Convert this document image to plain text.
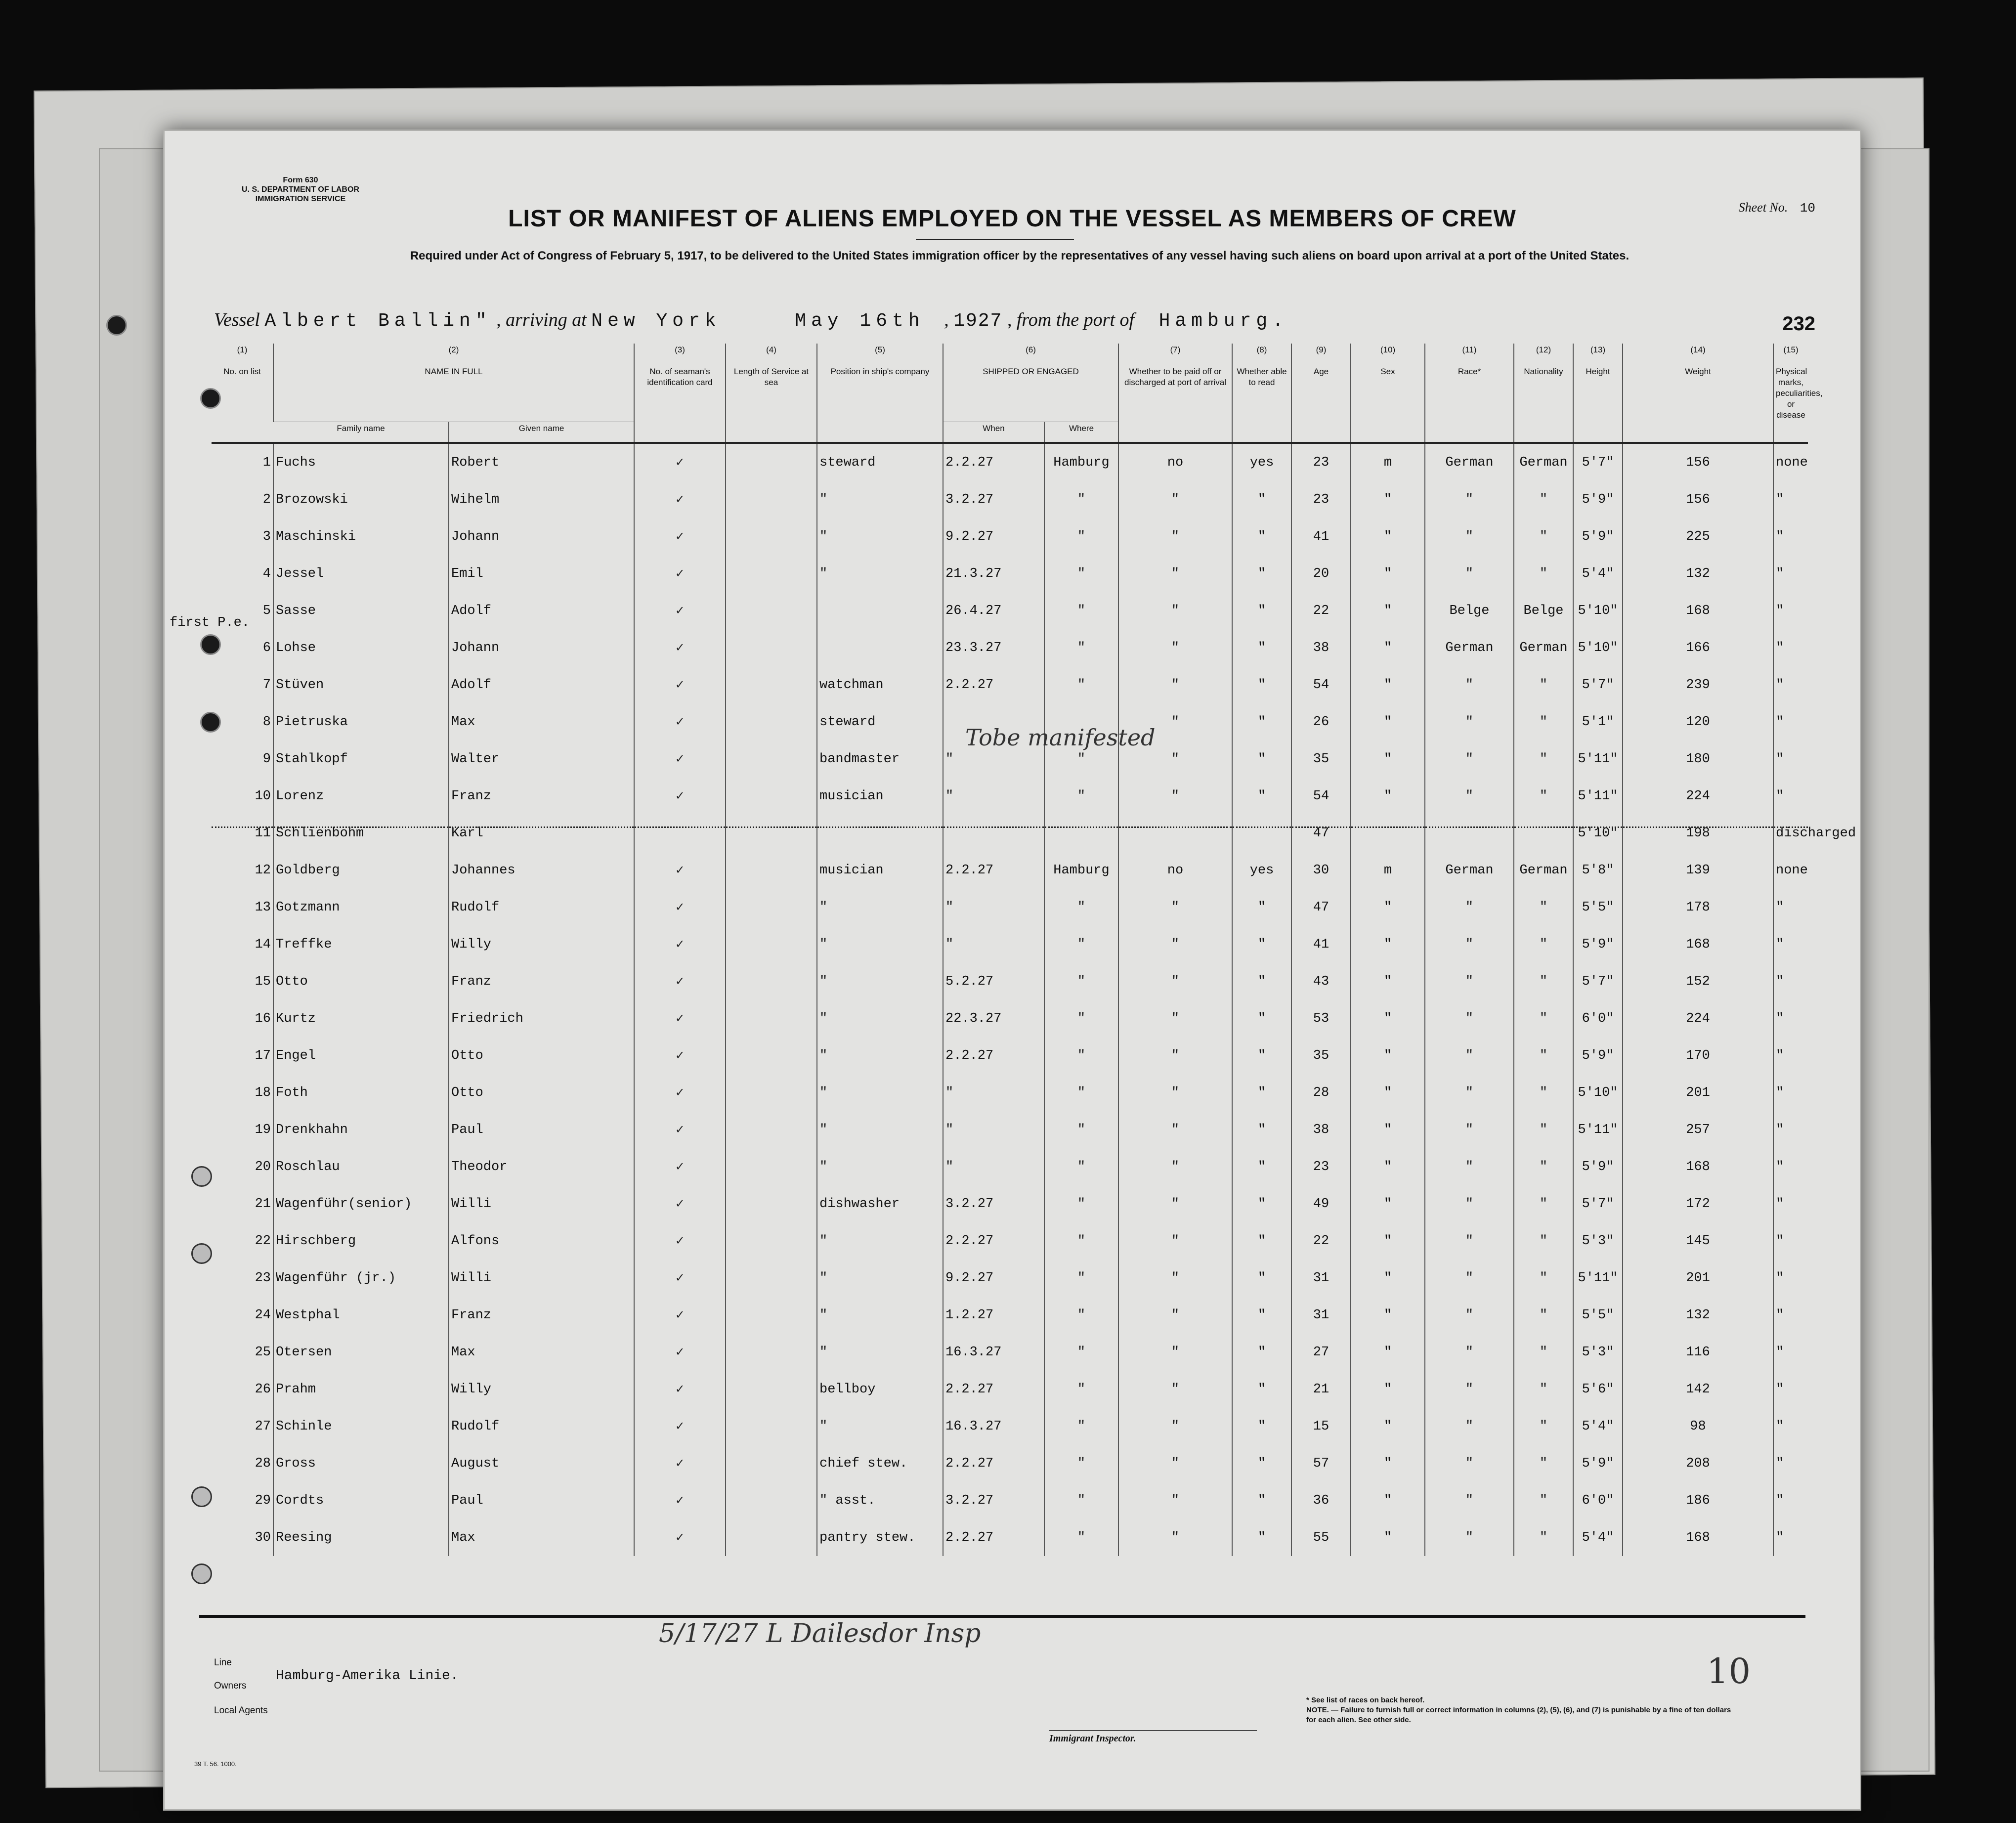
Form 630
U. S. DEPARTMENT OF LABOR
IMMIGRATION SERVICE
Sheet No. 10
LIST OR MANIFEST OF ALIENS EMPLOYED ON THE VESSEL AS MEMBERS OF CREW
Required under Act of Congress of February 5, 1917, to be delivered to the United States immigration officer by the representatives of any vessel having such aliens on board upon arrival at a port of the United States.
Vessel Albert Ballin" , arriving at New York	May 16th , 1927 , from the port of Hamburg.	232
first P.e.
(1)	(2)		(3)	(4)	(5)	(6)		(7)	(8)	(9)	(10)	(11)	(12)	(13)	(14)	(15)
No. on list	NAME IN FULL		No. of seaman's identification card	Length of Service at sea	Position in ship's company	SHIPPED OR ENGAGED		Whether to be paid off or discharged at port of arrival	Whether able to read	Age	Sex	Race*	Nationality	Height	Weight	Physical marks, peculiarities, or disease
	Family name	Given name				When	Where									
1	Fuchs	Robert	✓		steward	2.2.27	Hamburg	no	yes	23	m	German	German	5'7"	156	none
2	Brozowski	Wihelm	✓		"	3.2.27	"	"	"	23	"	"	"	5'9"	156	"
3	Maschinski	Johann	✓		"	9.2.27	"	"	"	41	"	"	"	5'9"	225	"
4	Jessel	Emil	✓		"	21.3.27	"	"	"	20	"	"	"	5'4"	132	"
5	Sasse	Adolf	✓			26.4.27	"	"	"	22	"	Belge	Belge	5'10"	168	"
6	Lohse	Johann	✓			23.3.27	"	"	"	38	"	German	German	5'10"	166	"
7	Stüven	Adolf	✓		watchman	2.2.27	"	"	"	54	"	"	"	5'7"	239	"
8	Pietruska	Max	✓		steward			"	"	26	"	"	"	5'1"	120	"
9	Stahlkopf	Walter	✓		bandmaster	"	"	"	"	35	"	"	"	5'11"	180	"
10	Lorenz	Franz	✓		musician	"	"	"	"	54	"	"	"	5'11"	224	"
11	Schlienbohm	Karl								47				5'10"	198	discharged
12	Goldberg	Johannes	✓		musician	2.2.27	Hamburg	no	yes	30	m	German	German	5'8"	139	none
13	Gotzmann	Rudolf	✓		"	"	"	"	"	47	"	"	"	5'5"	178	"
14	Treffke	Willy	✓		"	"	"	"	"	41	"	"	"	5'9"	168	"
15	Otto	Franz	✓		"	5.2.27	"	"	"	43	"	"	"	5'7"	152	"
16	Kurtz	Friedrich	✓		"	22.3.27	"	"	"	53	"	"	"	6'0"	224	"
17	Engel	Otto	✓		"	2.2.27	"	"	"	35	"	"	"	5'9"	170	"
18	Foth	Otto	✓		"	"	"	"	"	28	"	"	"	5'10"	201	"
19	Drenkhahn	Paul	✓		"	"	"	"	"	38	"	"	"	5'11"	257	"
20	Roschlau	Theodor	✓		"	"	"	"	"	23	"	"	"	5'9"	168	"
21	Wagenführ(senior)	Willi	✓		dishwasher	3.2.27	"	"	"	49	"	"	"	5'7"	172	"
22	Hirschberg	Alfons	✓		"	2.2.27	"	"	"	22	"	"	"	5'3"	145	"
23	Wagenführ (jr.)	Willi	✓		"	9.2.27	"	"	"	31	"	"	"	5'11"	201	"
24	Westphal	Franz	✓		"	1.2.27	"	"	"	31	"	"	"	5'5"	132	"
25	Otersen	Max	✓		"	16.3.27	"	"	"	27	"	"	"	5'3"	116	"
26	Prahm	Willy	✓		bellboy	2.2.27	"	"	"	21	"	"	"	5'6"	142	"
27	Schinle	Rudolf	✓		"	16.3.27	"	"	"	15	"	"	"	5'4"	98	"
28	Gross	August	✓		chief stew.	2.2.27	"	"	"	57	"	"	"	5'9"	208	"
29	Cordts	Paul	✓		" asst.	3.2.27	"	"	"	36	"	"	"	6'0"	186	"
30	Reesing	Max	✓		pantry stew.	2.2.27	"	"	"	55	"	"	"	5'4"	168	"
Tobe manifested
Line
Owners
Hamburg-Amerika Linie.
Local Agents
5/17/27 L Dailesdor Insp
Immigrant Inspector.
10
* See list of races on back hereof.
NOTE. — Failure to furnish full or correct information in columns (2), (5), (6), and (7) is punishable by a fine of ten dollars for each alien. See other side.
39 T. 56. 1000.
